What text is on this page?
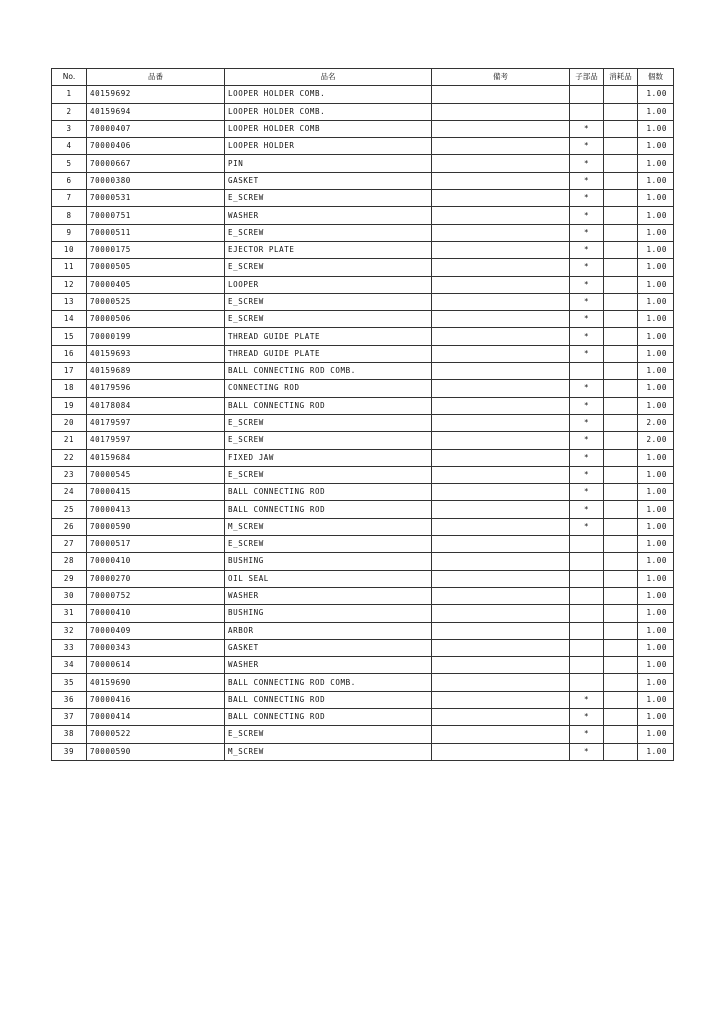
No.	品番	品名	備考	子部品	消耗品	個数
1	40159692	LOOPER HOLDER COMB.				1.00
2	40159694	LOOPER HOLDER COMB.				1.00
3	70000407	LOOPER HOLDER COMB		*		1.00
4	70000406	LOOPER HOLDER		*		1.00
5	70000667	PIN		*		1.00
6	70000380	GASKET		*		1.00
7	70000531	E_SCREW		*		1.00
8	70000751	WASHER		*		1.00
9	70000511	E_SCREW		*		1.00
10	70000175	EJECTOR PLATE		*		1.00
11	70000505	E_SCREW		*		1.00
12	70000405	LOOPER		*		1.00
13	70000525	E_SCREW		*		1.00
14	70000506	E_SCREW		*		1.00
15	70000199	THREAD GUIDE PLATE		*		1.00
16	40159693	THREAD GUIDE PLATE		*		1.00
17	40159689	BALL CONNECTING ROD COMB.				1.00
18	40179596	CONNECTING ROD		*		1.00
19	40178084	BALL CONNECTING ROD		*		1.00
20	40179597	E_SCREW		*		2.00
21	40179597	E_SCREW		*		2.00
22	40159684	FIXED JAW		*		1.00
23	70000545	E_SCREW		*		1.00
24	70000415	BALL CONNECTING ROD		*		1.00
25	70000413	BALL CONNECTING ROD		*		1.00
26	70000590	M_SCREW		*		1.00
27	70000517	E_SCREW				1.00
28	70000410	BUSHING				1.00
29	70000270	OIL SEAL				1.00
30	70000752	WASHER				1.00
31	70000410	BUSHING				1.00
32	70000409	ARBOR				1.00
33	70000343	GASKET				1.00
34	70000614	WASHER				1.00
35	40159690	BALL CONNECTING ROD COMB.				1.00
36	70000416	BALL CONNECTING ROD		*		1.00
37	70000414	BALL CONNECTING ROD		*		1.00
38	70000522	E_SCREW		*		1.00
39	70000590	M_SCREW		*		1.00
